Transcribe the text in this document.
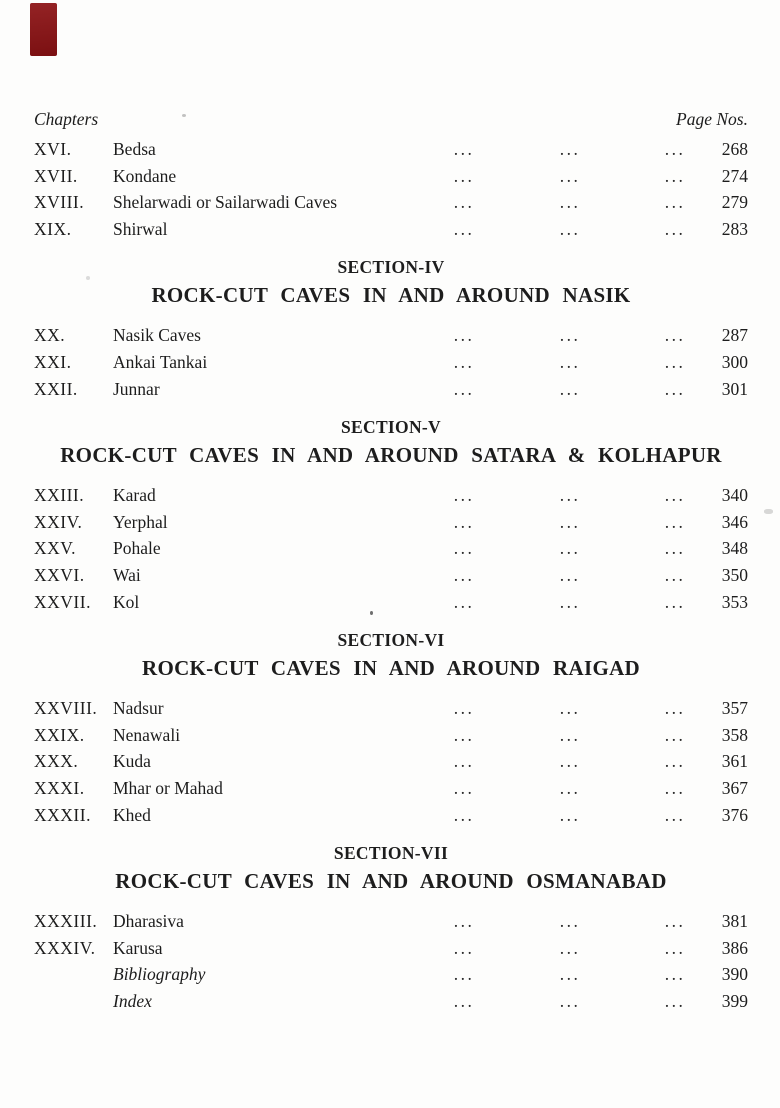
Chapters	Page Nos.
XVI.	Bedsa	...	...	...	268
XVII.	Kondane	...	...	...	274
XVIII.	Shelarwadi or Sailarwadi Caves	...	...	...	279
XIX.	Shirwal	...	...	...	283
SECTION-IV
ROCK-CUT CAVES IN AND AROUND NASIK
XX.	Nasik Caves	...	...	...	287
XXI.	Ankai Tankai	...	...	...	300
XXII.	Junnar	...	...	...	301
SECTION-V
ROCK-CUT CAVES IN AND AROUND SATARA & KOLHAPUR
XXIII.	Karad	...	...	...	340
XXIV.	Yerphal	...	...	...	346
XXV.	Pohale	...	...	...	348
XXVI.	Wai	...	...	...	350
XXVII.	Kol	...	...	...	353
SECTION-VI
ROCK-CUT CAVES IN AND AROUND RAIGAD
XXVIII. Nadsur	...	...	...	357
XXIX.	Nenawali	...	...	...	358
XXX.	Kuda	...	...	...	361
XXXI.	Mhar or Mahad	...	...	...	367
XXXII.	Khed	...	...	...	376
SECTION-VII
ROCK-CUT CAVES IN AND AROUND OSMANABAD
XXXIII. Dharasiva	...	...	...	381
XXXIV.	Karusa	...	...	...	386
Bibliography	...	...	...	390
Index	...	...	...	399
